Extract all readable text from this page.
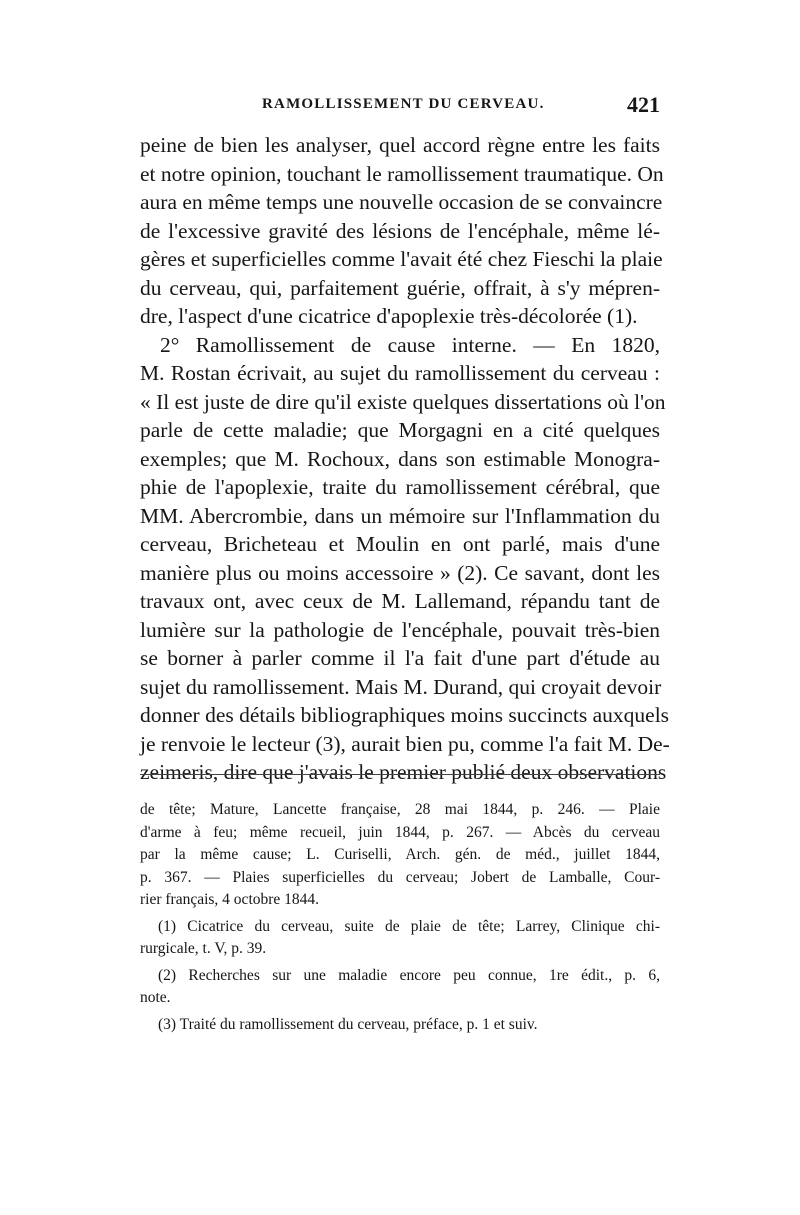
RAMOLLISSEMENT DU CERVEAU.	421
peine de bien les analyser, quel accord règne entre les faits
et notre opinion, touchant le ramollissement traumatique. On
aura en même temps une nouvelle occasion de se convaincre
de l'excessive gravité des lésions de l'encéphale, même lé-
gères et superficielles comme l'avait été chez Fieschi la plaie
du cerveau, qui, parfaitement guérie, offrait, à s'y mépren-
dre, l'aspect d'une cicatrice d'apoplexie très-décolorée (1).
2° Ramollissement de cause interne. — En 1820,
M. Rostan écrivait, au sujet du ramollissement du cerveau :
« Il est juste de dire qu'il existe quelques dissertations où l'on
parle de cette maladie; que Morgagni en a cité quelques
exemples; que M. Rochoux, dans son estimable Monogra-
phie de l'apoplexie, traite du ramollissement cérébral, que
MM. Abercrombie, dans un mémoire sur l'Inflammation du
cerveau, Bricheteau et Moulin en ont parlé, mais d'une
manière plus ou moins accessoire » (2). Ce savant, dont les
travaux ont, avec ceux de M. Lallemand, répandu tant de
lumière sur la pathologie de l'encéphale, pouvait très-bien
se borner à parler comme il l'a fait d'une part d'étude au
sujet du ramollissement. Mais M. Durand, qui croyait devoir
donner des détails bibliographiques moins succincts auxquels
je renvoie le lecteur (3), aurait bien pu, comme l'a fait M. De-
zeimeris, dire que j'avais le premier publié deux observations
de tête; Mature, Lancette française, 28 mai 1844, p. 246. — Plaie
d'arme à feu; même recueil, juin 1844, p. 267. — Abcès du cerveau
par la même cause; L. Curiselli, Arch. gén. de méd., juillet 1844,
p. 367. — Plaies superficielles du cerveau; Jobert de Lamballe, Cour-
rier français, 4 octobre 1844.
(1) Cicatrice du cerveau, suite de plaie de tête; Larrey, Clinique chi-
rurgicale, t. V, p. 39.
(2) Recherches sur une maladie encore peu connue, 1re édit., p. 6,
note.
(3) Traité du ramollissement du cerveau, préface, p. 1 et suiv.
